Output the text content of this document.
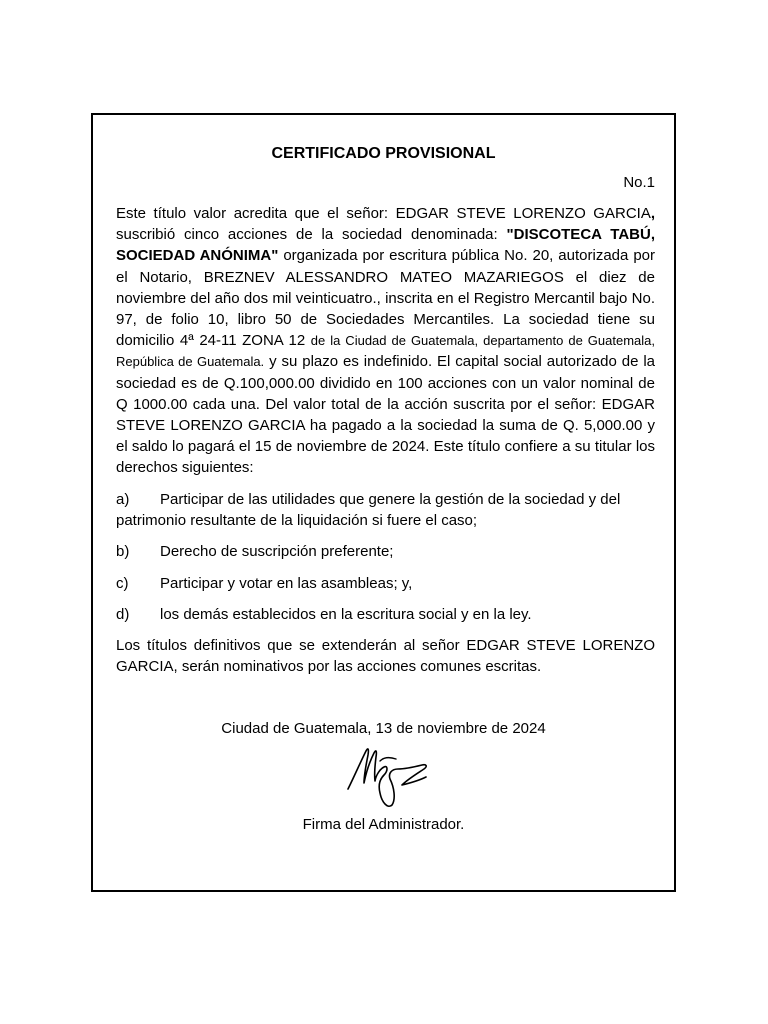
CERTIFICADO PROVISIONAL
No.1

Este título valor acredita que el señor: EDGAR STEVE LORENZO GARCIA, suscribió cinco acciones de la sociedad denominada: "DISCOTECA TABÚ, SOCIEDAD ANÓNIMA" organizada por escritura pública No. 20, autorizada por el Notario, BREZNEV ALESSANDRO MATEO MAZARIEGOS el diez de noviembre del año dos mil veinticuatro., inscrita en el Registro Mercantil bajo No. 97, de folio 10, libro 50 de Sociedades Mercantiles. La sociedad tiene su domicilio 4ª 24-11 ZONA 12 de la Ciudad de Guatemala, departamento de Guatemala, República de Guatemala. y su plazo es indefinido. El capital social autorizado de la sociedad es de Q.100,000.00 dividido en 100 acciones con un valor nominal de Q 1000.00 cada una. Del valor total de la acción suscrita por el señor: EDGAR STEVE LORENZO GARCIA ha pagado a la sociedad la suma de Q. 5,000.00 y el saldo lo pagará el 15 de noviembre de 2024. Este título confiere a su titular los derechos siguientes:

a) Participar de las utilidades que genere la gestión de la sociedad y del patrimonio resultante de la liquidación si fuere el caso;

b) Derecho de suscripción preferente;

c) Participar y votar en las asambleas; y,

d) los demás establecidos en la escritura social y en la ley.

Los títulos definitivos que se extenderán al señor EDGAR STEVE LORENZO GARCIA, serán nominativos por las acciones comunes escritas.

Ciudad de Guatemala, 13 de noviembre de 2024
Firma del Administrador.
